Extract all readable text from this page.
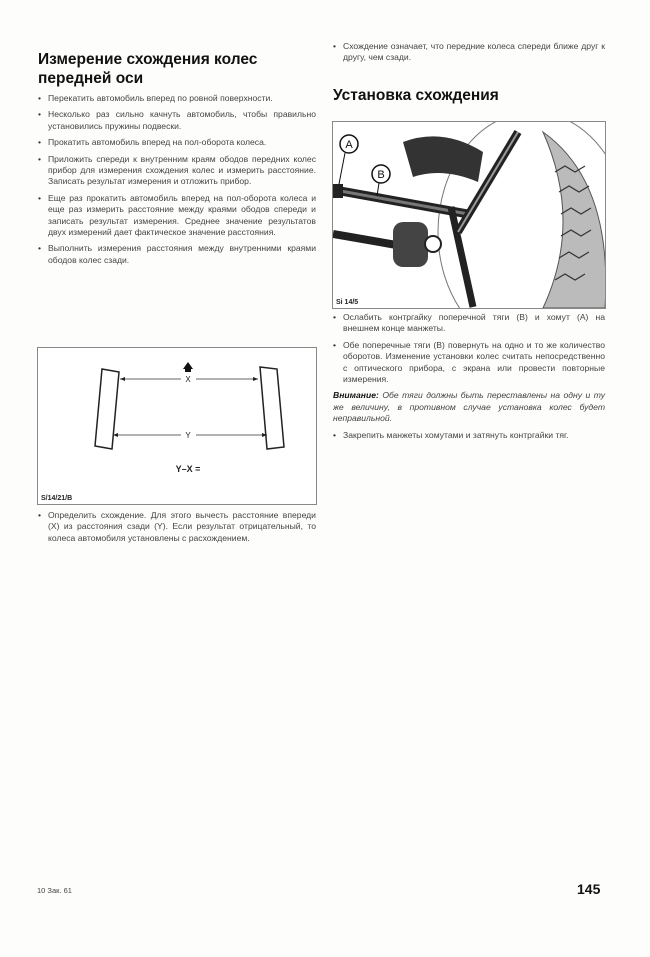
Измерение схождения колес передней оси
• Перекатить автомобиль вперед по ровной поверхности.
• Несколько раз сильно качнуть автомобиль, чтобы правильно установились пружины подвески.
• Прокатить автомобиль вперед на пол-оборота колеса.
• Приложить спереди к внутренним краям ободов передних колес прибор для измерения схождения колес и измерить расстояние. Записать результат измерения и отложить прибор.
• Еще раз прокатить автомобиль вперед на пол-оборота колеса и еще раз измерить расстояние между краями ободов спереди и записать результат измерения. Среднее значение результатов двух измерений дает фактическое значение расстояния.
• Выполнить измерения расстояния между внутренними краями ободов колес сзади.
X
Y
Y–X =
S/14/21/B
• Определить схождение. Для этого вычесть расстояние впереди (X) из расстояния сзади (Y). Если результат отрицательный, то колеса автомобиля установлены с расхождением.
• Схождение означает, что передние колеса спереди ближе друг к другу, чем сзади.
Установка схождения
A
B
Si 14/5
• Ослабить контргайку поперечной тяги (B) и хомут (A) на внешнем конце манжеты.
• Обе поперечные тяги (B) повернуть на одно и то же количество оборотов. Изменение установки колес считать непосредственно с оптического прибора, с экрана или провести повторные измерения.

Внимание: Обе тяги должны быть переставлены на одну и ту же величину, в противном случае установка колес будет неправильной.

• Закрепить манжеты хомутами и затянуть контргайки тяг.
10 Зак. 61	145
